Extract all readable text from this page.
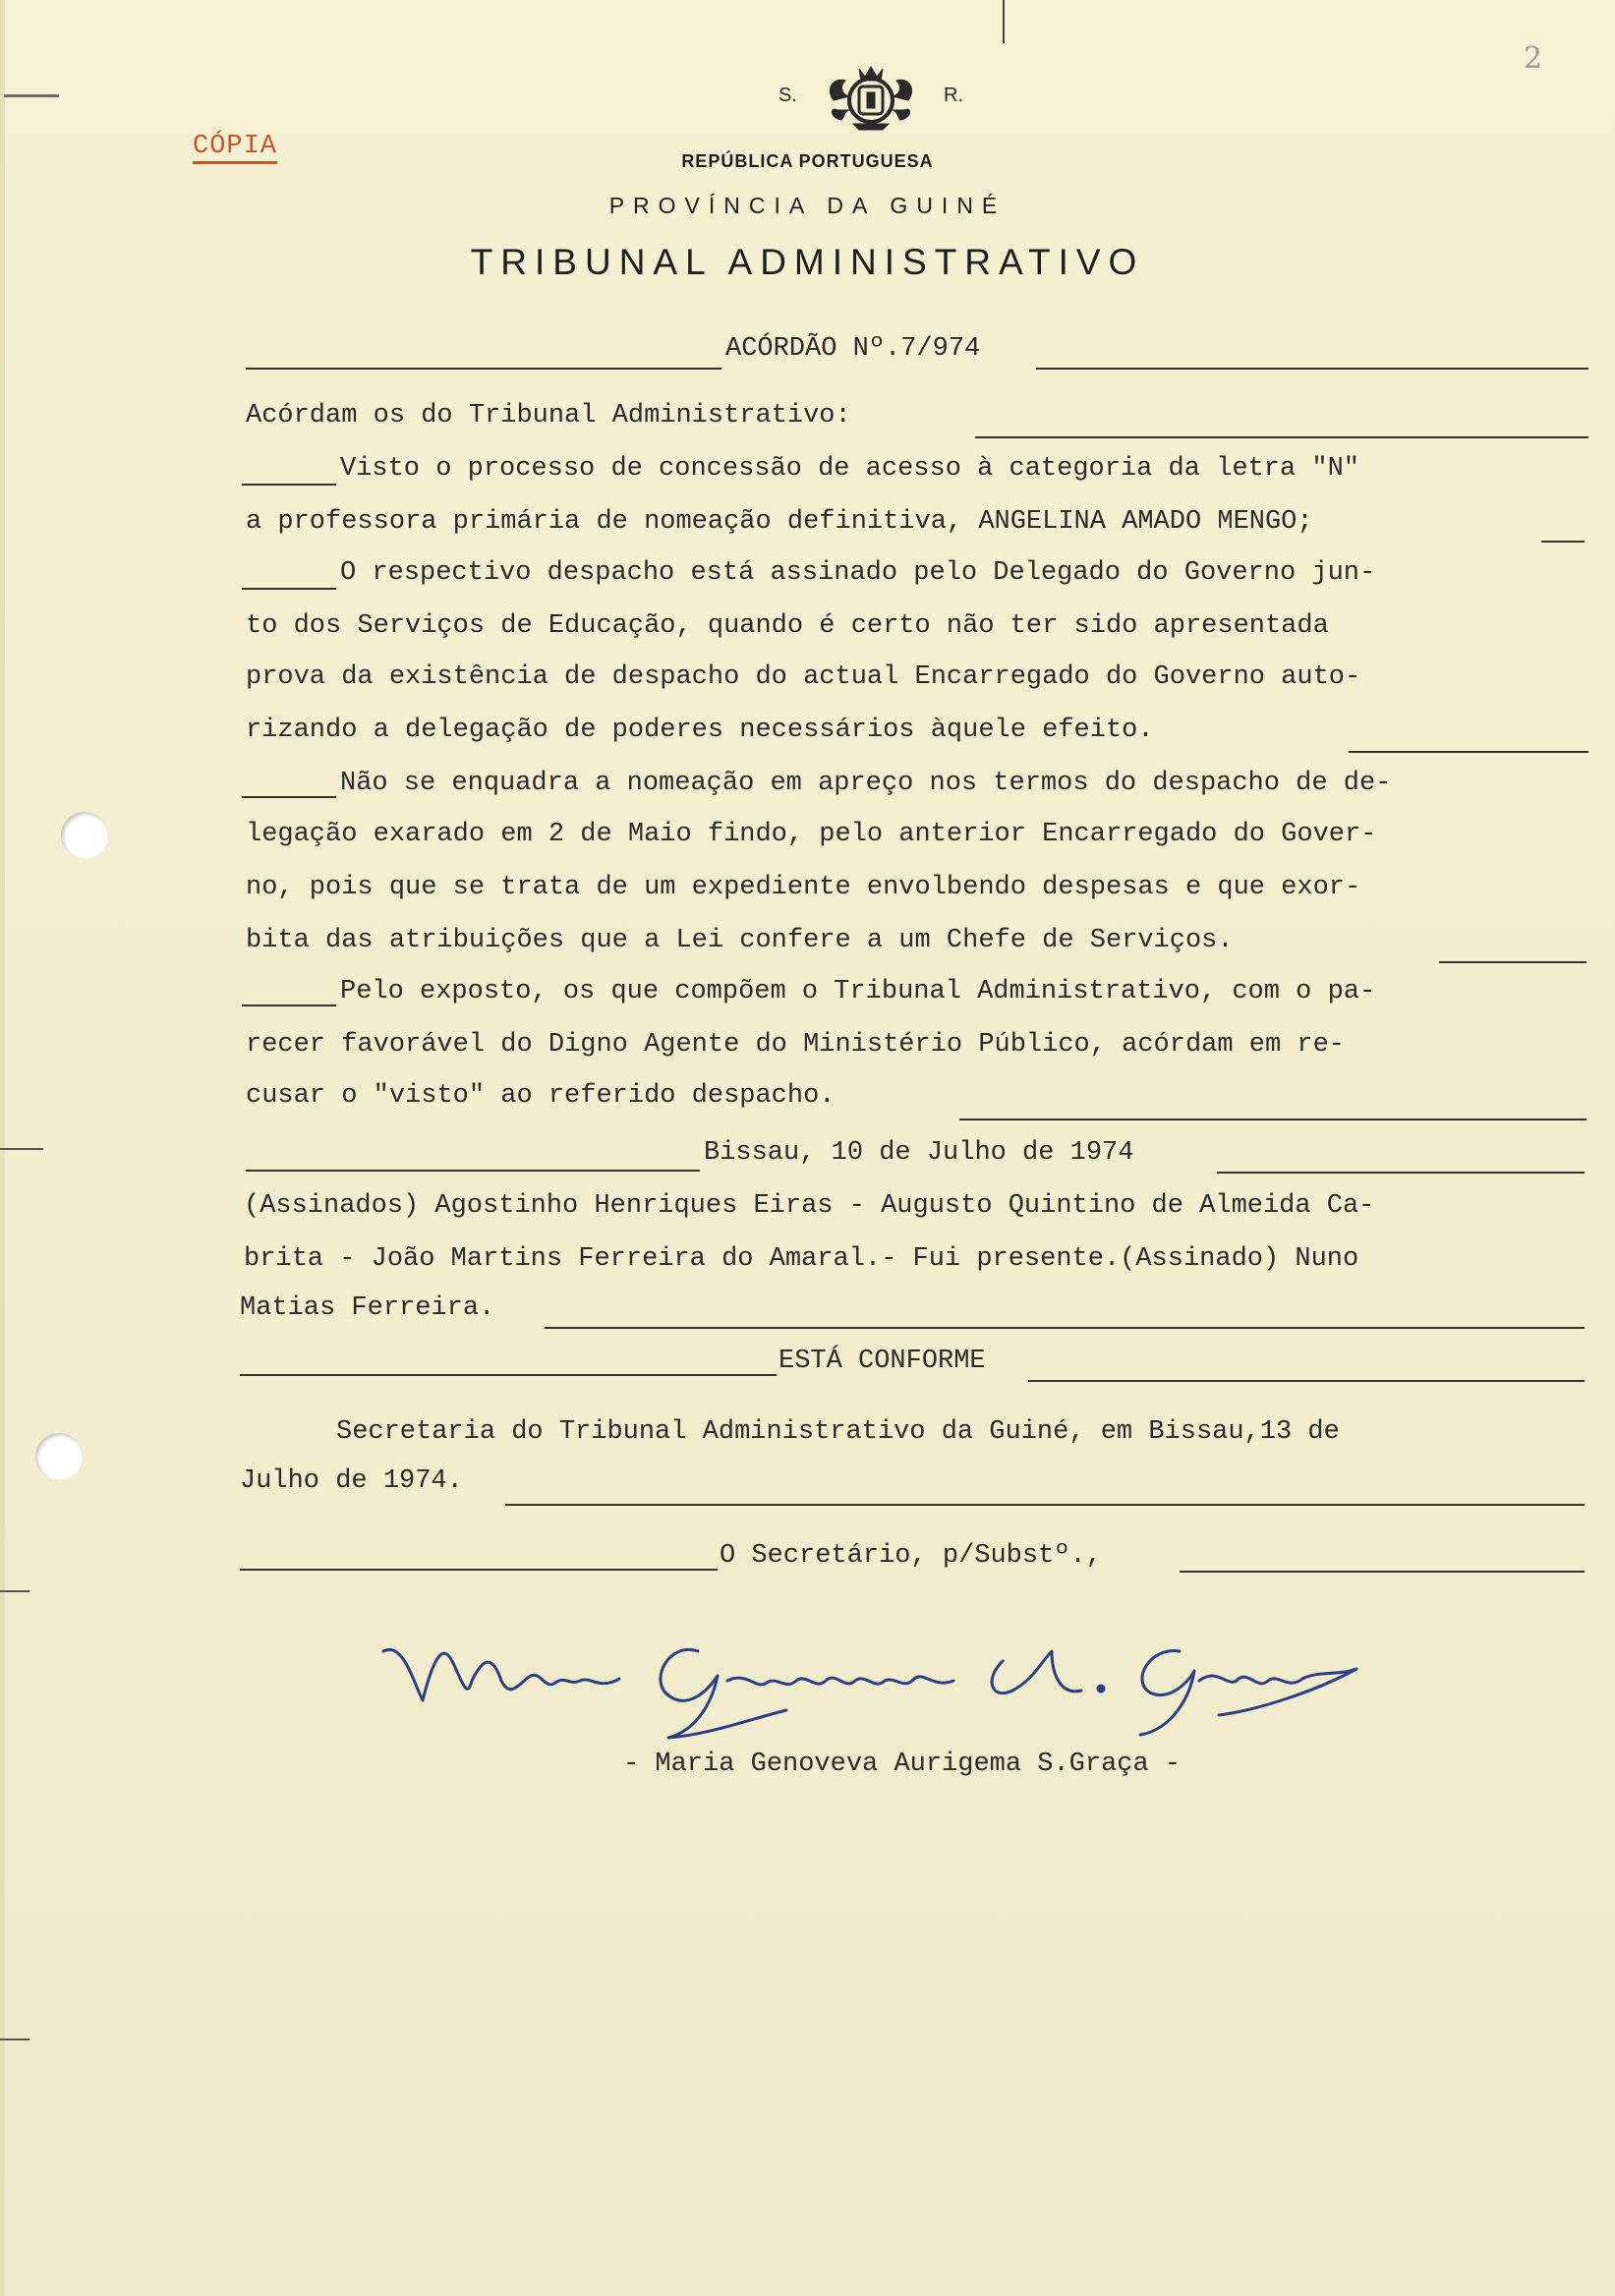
CÓPIA
2
S.	R.
REPÚBLICA PORTUGUESA
PROVÍNCIA DA GUINÉ
TRIBUNAL ADMINISTRATIVO
ACÓRDÃO Nº.7/974
Acórdam os do Tribunal Administrativo:
Visto o processo de concessão de acesso à categoria da letra "N"
a professora primária de nomeação definitiva, ANGELINA AMADO MENGO;
O respectivo despacho está assinado pelo Delegado do Governo jun-
to dos Serviços de Educação, quando é certo não ter sido apresentada
prova da existência de despacho do actual Encarregado do Governo auto-
rizando a delegação de poderes necessários àquele efeito.
Não se enquadra a nomeação em apreço nos termos do despacho de de-
legação exarado em 2 de Maio findo, pelo anterior Encarregado do Gover-
no, pois que se trata de um expediente envolbendo despesas e que exor-
bita das atribuições que a Lei confere a um Chefe de Serviços.
Pelo exposto, os que compõem o Tribunal Administrativo, com o pa-
recer favorável do Digno Agente do Ministério Público, acórdam em re-
cusar o "visto" ao referido despacho.
Bissau, 10 de Julho de 1974
(Assinados) Agostinho Henriques Eiras - Augusto Quintino de Almeida Ca-
brita - João Martins Ferreira do Amaral.- Fui presente.(Assinado) Nuno
Matias Ferreira.
ESTÁ CONFORME
Secretaria do Tribunal Administrativo da Guiné, em Bissau,13 de
Julho de 1974.
O Secretário, p/Substº.,
- Maria Genoveva Aurigema S.Graça -
